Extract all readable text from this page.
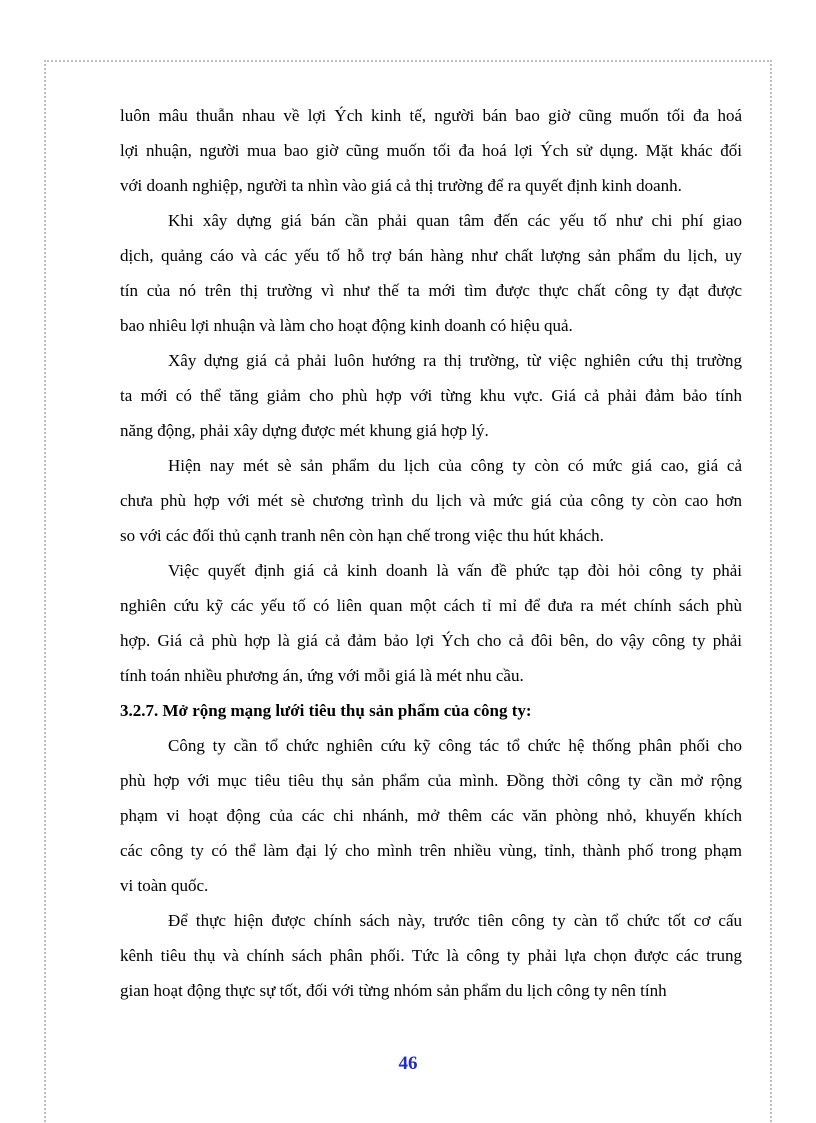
luôn mâu thuẫn nhau về lợi Ých kinh tế, người bán bao giờ cũng muốn tối đa hoá
lợi nhuận, người mua bao giờ cũng muốn tối đa hoá lợi Ých sử dụng. Mặt khác đối
với doanh nghiệp, người ta nhìn vào giá cả thị trường để ra quyết định kinh doanh.
Khi xây dựng giá bán cần phải quan tâm đến các yếu tố như chi phí giao
dịch, quảng cáo và các yếu tố hỗ trợ bán hàng như chất lượng sản phẩm du lịch, uy
tín của nó trên thị trường vì như thế ta mới tìm được thực chất công ty đạt được
bao nhiêu lợi nhuận và làm cho hoạt động kinh doanh có hiệu quả.
Xây dựng giá cả phải luôn hướng ra thị trường, từ việc nghiên cứu thị trường
ta mới có thể tăng giảm cho phù hợp với từng khu vực. Giá cả phải đảm bảo tính
năng động, phải xây dựng được mét khung giá hợp lý.
Hiện nay mét sè sản phẩm du lịch của công ty còn có mức giá cao, giá cả
chưa phù hợp với mét sè chương trình du lịch và mức giá của công ty còn cao hơn
so với các đối thủ cạnh tranh nên còn hạn chế trong việc thu hút khách.
Việc quyết định giá cả kinh doanh là vấn đề phức tạp đòi hỏi công ty phải
nghiên cứu kỹ các yếu tố có liên quan một cách tỉ mỉ để đưa ra mét chính sách phù
hợp. Giá cả phù hợp là giá cả đảm bảo lợi Ých cho cả đôi bên, do vậy công ty phải
tính toán nhiều phương án, ứng với mỗi giá là mét nhu cầu.
3.2.7. Mở rộng mạng lưới tiêu thụ sản phẩm của công ty:
Công ty cần tổ chức nghiên cứu kỹ công tác tổ chức hệ thống phân phối cho
phù hợp với mục tiêu tiêu thụ sản phẩm của mình. Đồng thời công ty cần mở rộng
phạm vi hoạt động của các chi nhánh, mở thêm các văn phòng nhỏ, khuyến khích
các công ty có thể làm đại lý cho mình trên nhiều vùng, tỉnh, thành phố trong phạm
vi toàn quốc.
Để thực hiện được chính sách này, trước tiên công ty càn tổ chức tốt cơ cấu
kênh tiêu thụ và chính sách phân phối. Tức là công ty phải lựa chọn được các trung
gian hoạt động thực sự tốt, đối với từng nhóm sản phẩm du lịch công ty nên tính
46
